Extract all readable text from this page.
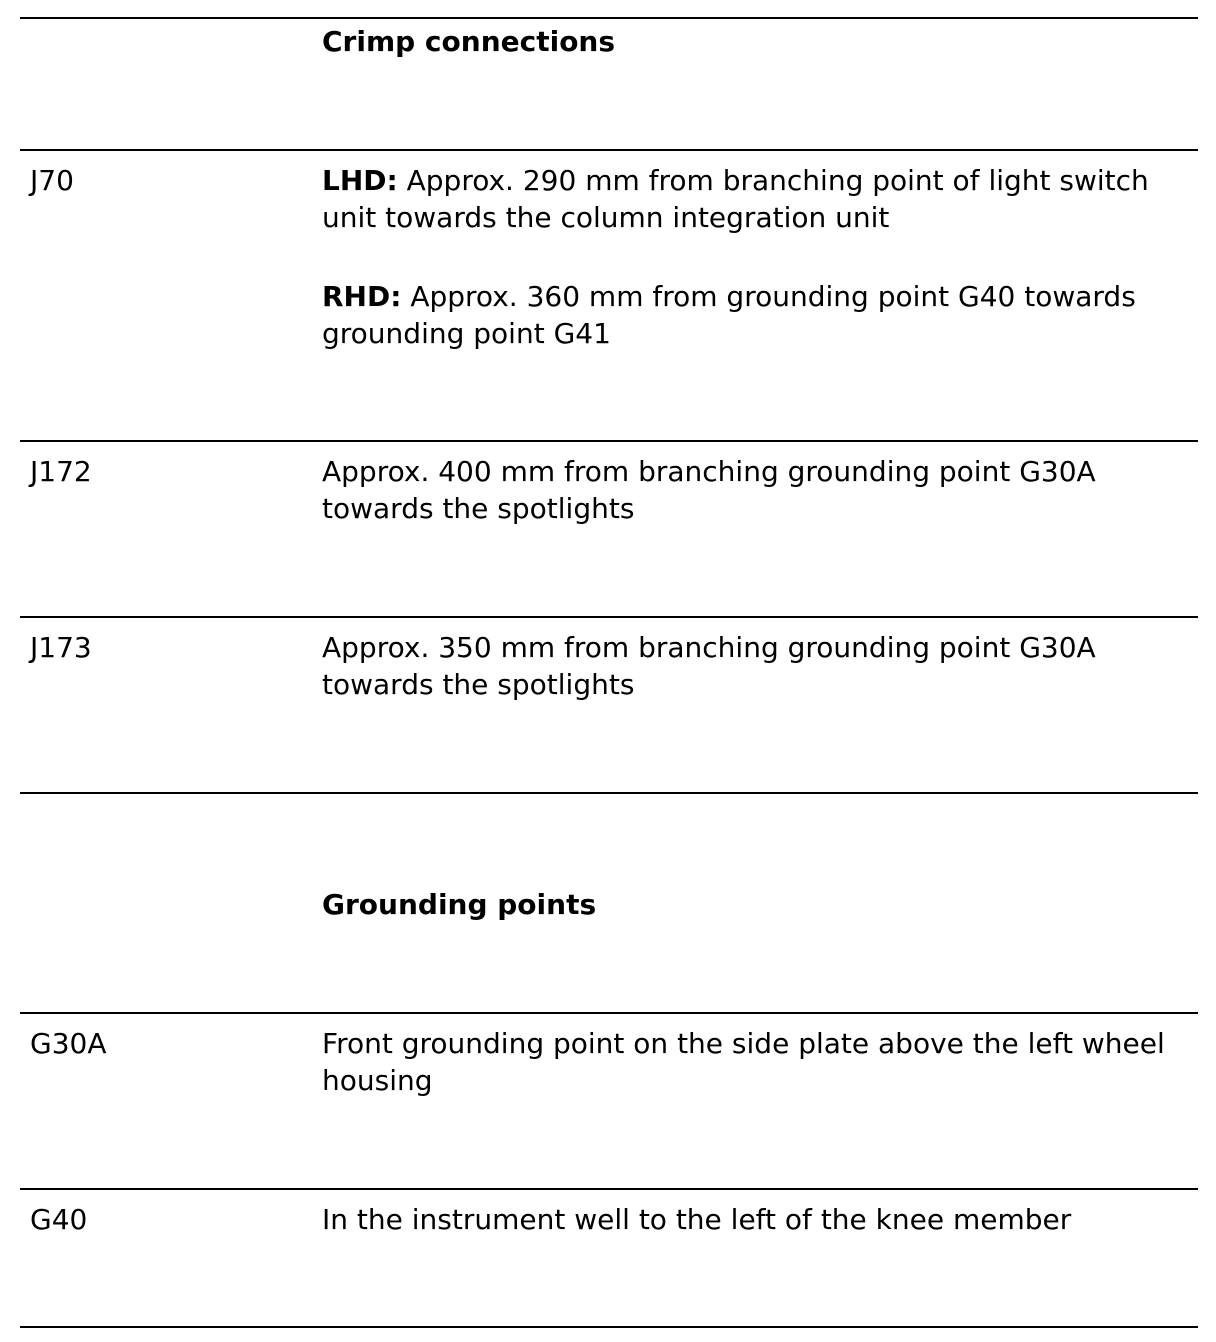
Crimp connections
J70	LHD: Approx. 290 mm from branching point of light switch unit towards the column integration unit

RHD: Approx. 360 mm from grounding point G40 towards grounding point G41

J172	Approx. 400 mm from branching grounding point G30A towards the spotlights

J173	Approx. 350 mm from branching grounding point G30A towards the spotlights

Grounding points
G30A	Front grounding point on the side plate above the left wheel housing

G40	In the instrument well to the left of the knee member
